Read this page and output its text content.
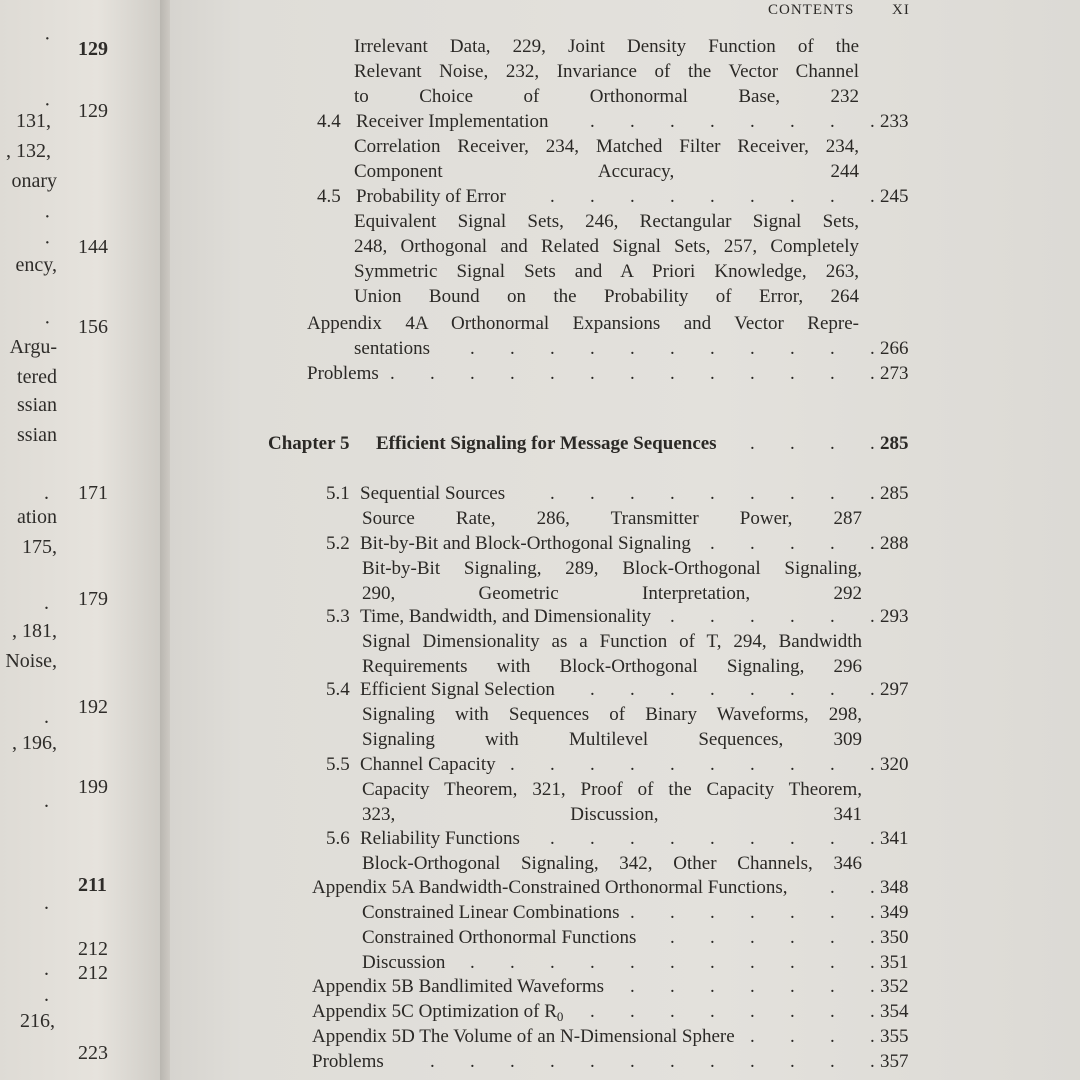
129
129
144
156
171
179
192
199
211
212
212
223
131,
, 132,
onary
ency,
Argu-
tered
ssian
ssian
ation
175,
, 181,
Noise,
, 196,
216,
·
·
·
·
·
.
.
.
.
.
.
.
CONTENTS	XI
Irrelevant Data, 229, Joint Density Function of the
Relevant Noise, 232, Invariance of the Vector Channel
to Choice of Orthonormal Base, 232
4.4 Receiver Implementation . . . . . . . . 233
Correlation Receiver, 234, Matched Filter Receiver, 234,
Component Accuracy, 244
4.5 Probability of Error . . . . . . . . . 245
Equivalent Signal Sets, 246, Rectangular Signal Sets,
248, Orthogonal and Related Signal Sets, 257, Completely
Symmetric Signal Sets and A Priori Knowledge, 263,
Union Bound on the Probability of Error, 264
Appendix 4A Orthonormal Expansions and Vector Repre-
sentations . . . . . . . . . . . 266
Problems . . . . . . . . . . . . . 273
Chapter 5 Efficient Signaling for Message Sequences . . . . 285
5.1 Sequential Sources . . . . . . . . . 285
Source Rate, 286, Transmitter Power, 287
5.2 Bit-by-Bit and Block-Orthogonal Signaling . . . . . 288
Bit-by-Bit Signaling, 289, Block-Orthogonal Signaling,
290, Geometric Interpretation, 292
5.3 Time, Bandwidth, and Dimensionality . . . . . . 293
Signal Dimensionality as a Function of T, 294, Bandwidth
Requirements with Block-Orthogonal Signaling, 296
5.4 Efficient Signal Selection . . . . . . . . 297
Signaling with Sequences of Binary Waveforms, 298,
Signaling with Multilevel Sequences, 309
5.5 Channel Capacity . . . . . . . . . . 320
Capacity Theorem, 321, Proof of the Capacity Theorem,
323, Discussion, 341
5.6 Reliability Functions . . . . . . . . . 341
Block-Orthogonal Signaling, 342, Other Channels, 346
Appendix 5A Bandwidth-Constrained Orthonormal Functions, . . 348
Constrained Linear Combinations . . . . . . . 349
Constrained Orthonormal Functions . . . . . . 350
Discussion . . . . . . . . . . . 351
Appendix 5B Bandlimited Waveforms . . . . . . . 352
Appendix 5C Optimization of $R_0$ . . . . . . . . 354
Appendix 5D The Volume of an N-Dimensional Sphere . . . . 355
Problems . . . . . . . . . . . . 357
